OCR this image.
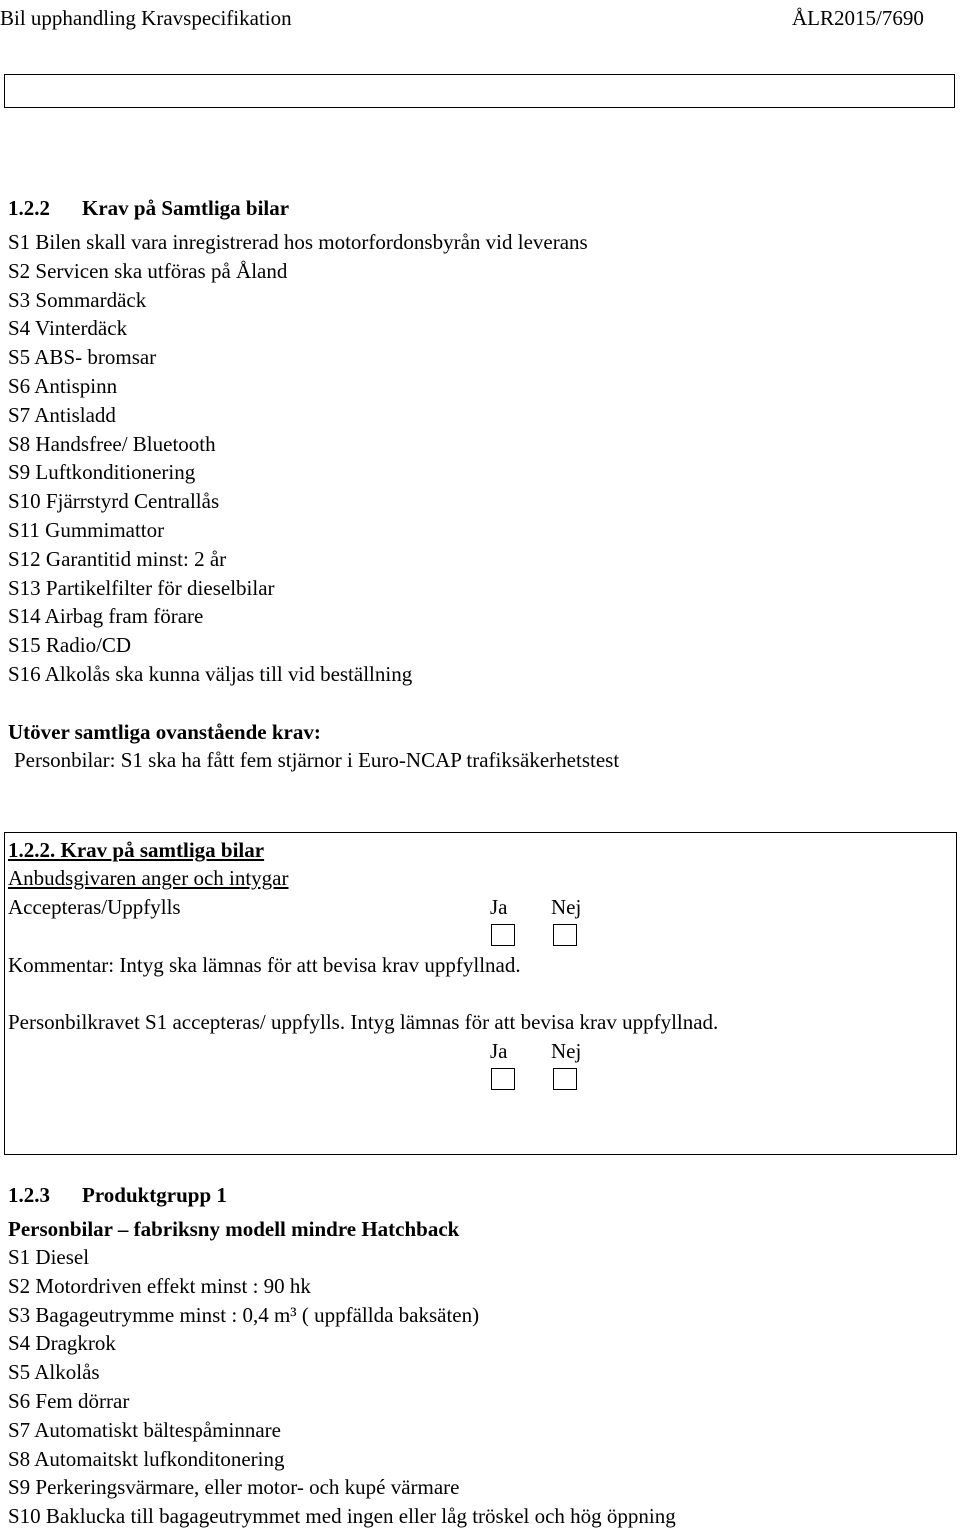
Bil upphandling Kravspecifikation	ÅLR2015/7690
1.2.2 Krav på Samtliga bilar
S1 Bilen skall vara inregistrerad hos motorfordonsbyrån vid leverans
S2 Servicen ska utföras på Åland
S3 Sommardäck
S4 Vinterdäck
S5 ABS- bromsar
S6 Antispinn
S7 Antisladd
S8 Handsfree/ Bluetooth
S9 Luftkonditionering
S10 Fjärrstyrd Centrallås
S11 Gummimattor
S12 Garantitid minst: 2 år
S13 Partikelfilter för dieselbilar
S14 Airbag fram förare
S15 Radio/CD
S16 Alkolås ska kunna väljas till vid beställning
Utöver samtliga ovanstående krav:
Personbilar: S1 ska ha fått fem stjärnor i Euro-NCAP trafiksäkerhetstest
1.2.2. Krav på samtliga bilar
Anbudsgivaren anger och intygar
Accepteras/Uppfylls	Ja Nej
Kommentar: Intyg ska lämnas för att bevisa krav uppfyllnad.
Personbilkravet S1 accepteras/ uppfylls. Intyg lämnas för att bevisa krav uppfyllnad.
Ja Nej
1.2.3 Produktgrupp 1
Personbilar – fabriksny modell mindre Hatchback
S1 Diesel
S2 Motordriven effekt minst : 90 hk
S3 Bagageutrymme minst : 0,4 m³ ( uppfällda baksäten)
S4 Dragkrok
S5 Alkolås
S6 Fem dörrar
S7 Automatiskt bältespåminnare
S8 Automaitskt lufkonditonering
S9 Perkeringsvärmare, eller motor- och kupé värmare
S10 Baklucka till bagageutrymmet med ingen eller låg tröskel och hög öppning
